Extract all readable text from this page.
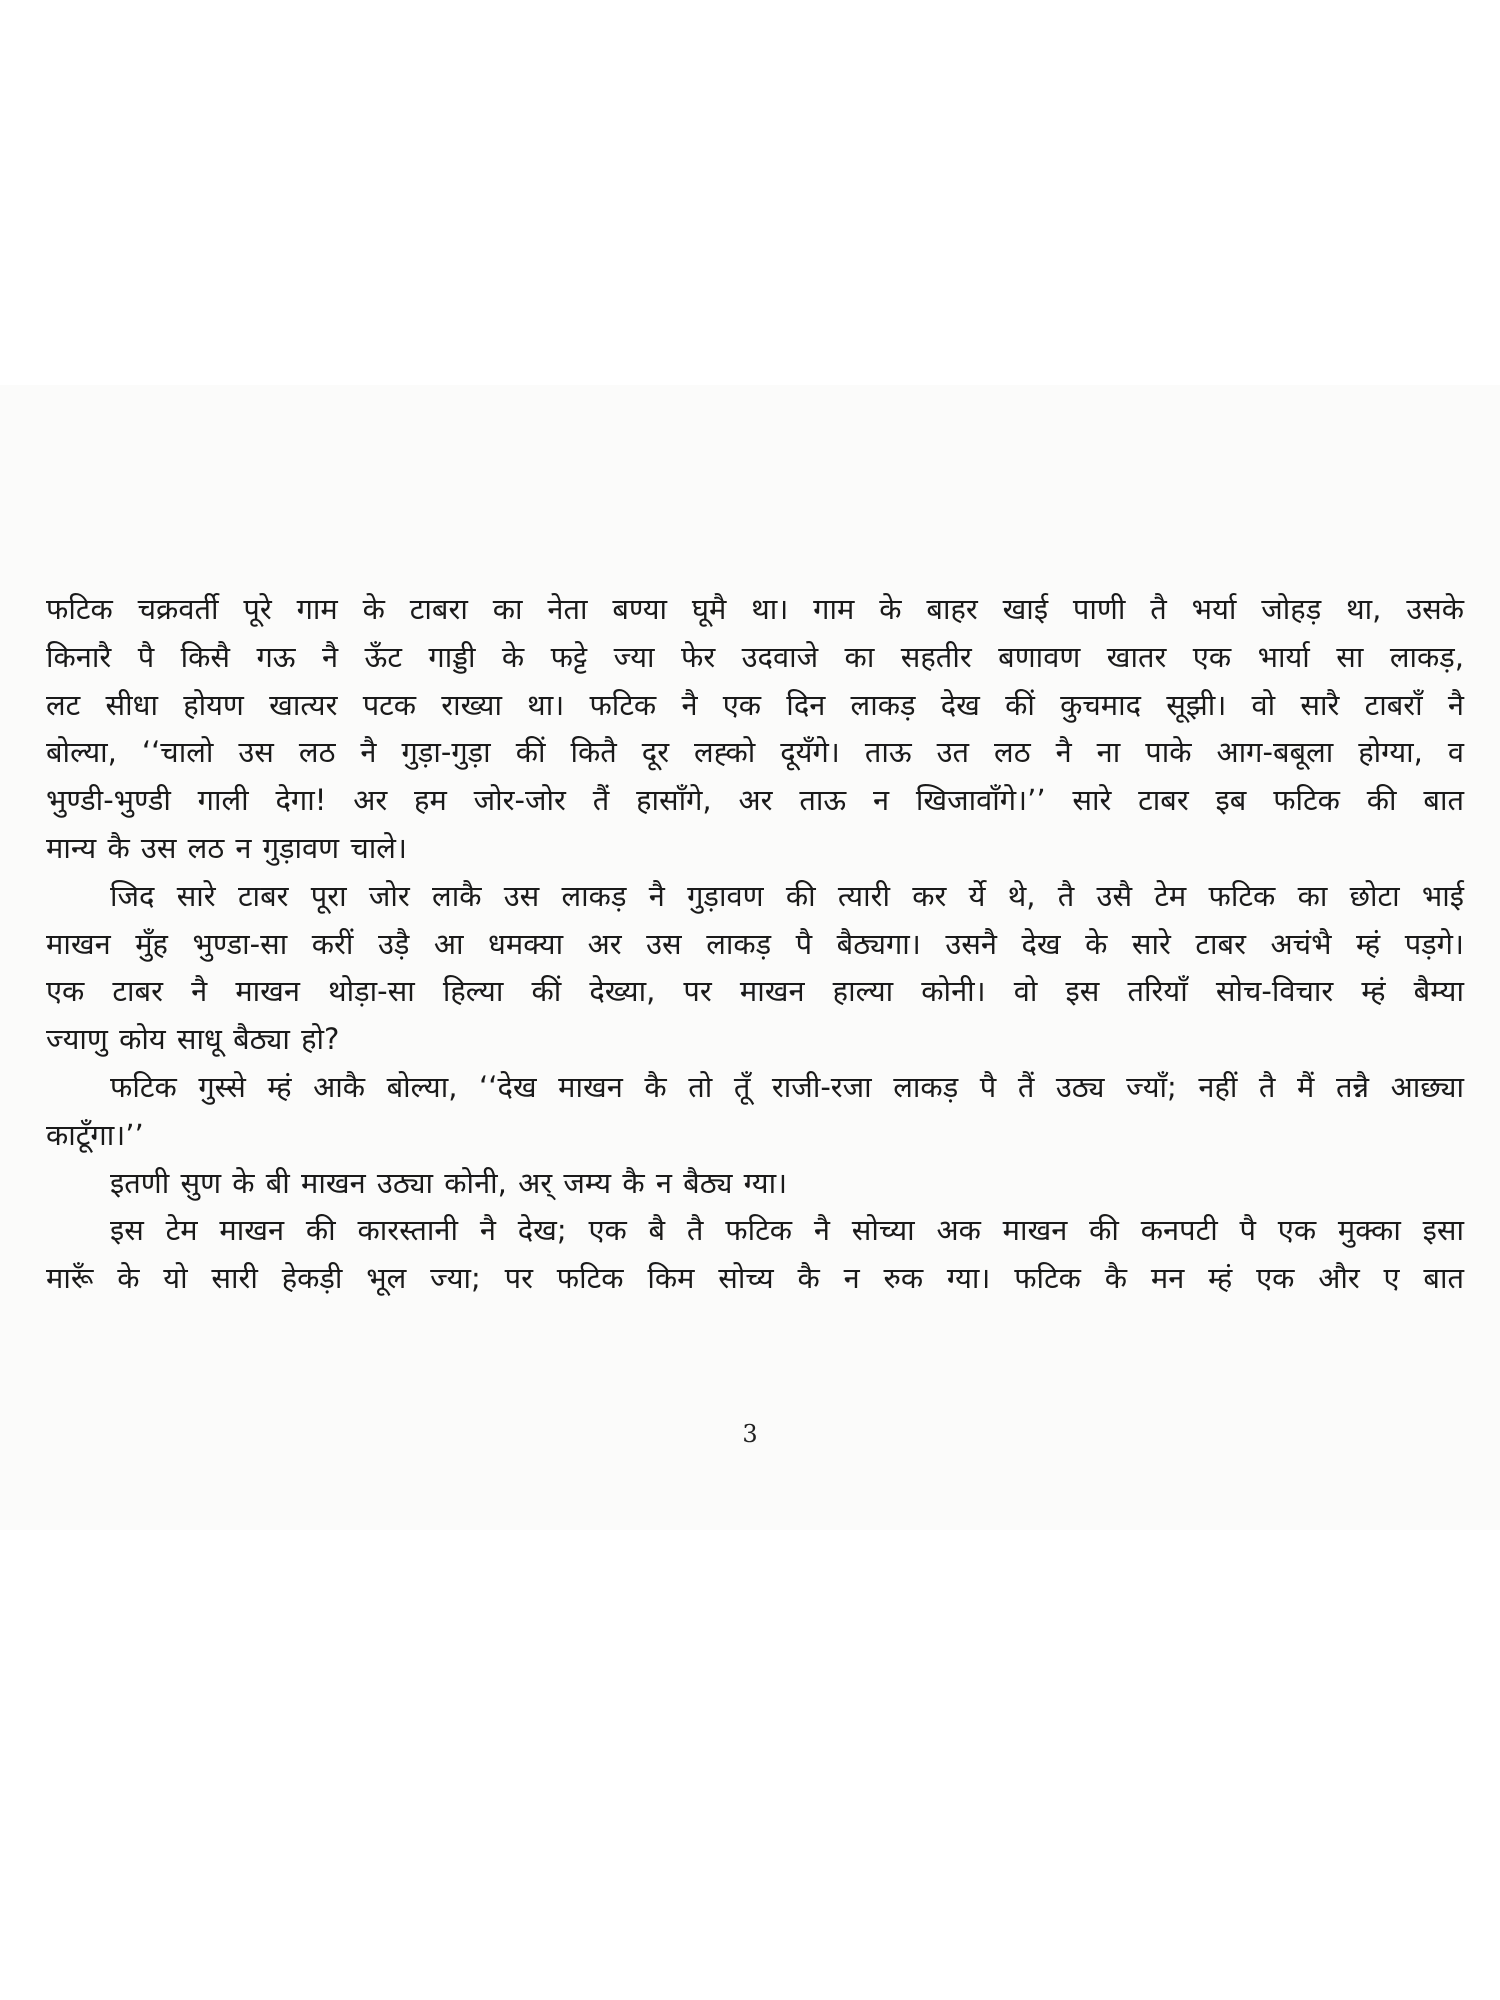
फटिक चक्रवर्ती पूरे गाम के टाबरा का नेता बण्या घूमै था। गाम के बाहर खाई पाणी तै भर्या जोहड़ था, उसके
किनारै पै किसै गऊ नै ऊँट गाड्डी के फट्टे ज्या फेर उदवाजे का सहतीर बणावण खातर एक भार्या सा लाकड़,
लट सीधा होयण खात्यर पटक राख्या था। फटिक नै एक दिन लाकड़ देख कीं कुचमाद सूझी। वो सारै टाबराँ नै
बोल्या, ‘‘चालो उस लठ नै गुड़ा-गुड़ा कीं कितै दूर लह्को दूयँगे। ताऊ उत लठ नै ना पाके आग-बबूला होग्या, व
भुण्डी-भुण्डी गाली देगा! अर हम जोर-जोर तैं हासाँगे, अर ताऊ न खिजावाँगे।’’ सारे टाबर इब फटिक की बात
मान्य कै उस लठ न गुड़ावण चाले।
जिद सारे टाबर पूरा जोर लाकै उस लाकड़ नै गुड़ावण की त्यारी कर र्ये थे, तै उसै टेम फटिक का छोटा भाई
माखन मुँह भुण्डा-सा करीं उड़ै आ धमक्या अर उस लाकड़ पै बैठ्यगा। उसनै देख के सारे टाबर अचंभै म्हं पड़गे।
एक टाबर नै माखन थोड़ा-सा हिल्या कीं देख्या, पर माखन हाल्या कोनी। वो इस तरियाँ सोच-विचार म्हं बैम्या
ज्याणु कोय साधू बैठ्या हो?
फटिक गुस्से म्हं आकै बोल्या, ‘‘देख माखन कै तो तूँ राजी-रजा लाकड़ पै तैं उठ्य ज्याँ; नहीं तै मैं तन्नै आछ्या
काटूँगा।’’
इतणी सुण के बी माखन उठ्या कोनी, अर् जम्य कै न बैठ्य ग्या।
इस टेम माखन की कारस्तानी नै देख; एक बै तै फटिक नै सोच्या अक माखन की कनपटी पै एक मुक्का इसा
मारूँ के यो सारी हेकड़ी भूल ज्या; पर फटिक किम सोच्य कै न रुक ग्या। फटिक कै मन म्हं एक और ए बात
3
